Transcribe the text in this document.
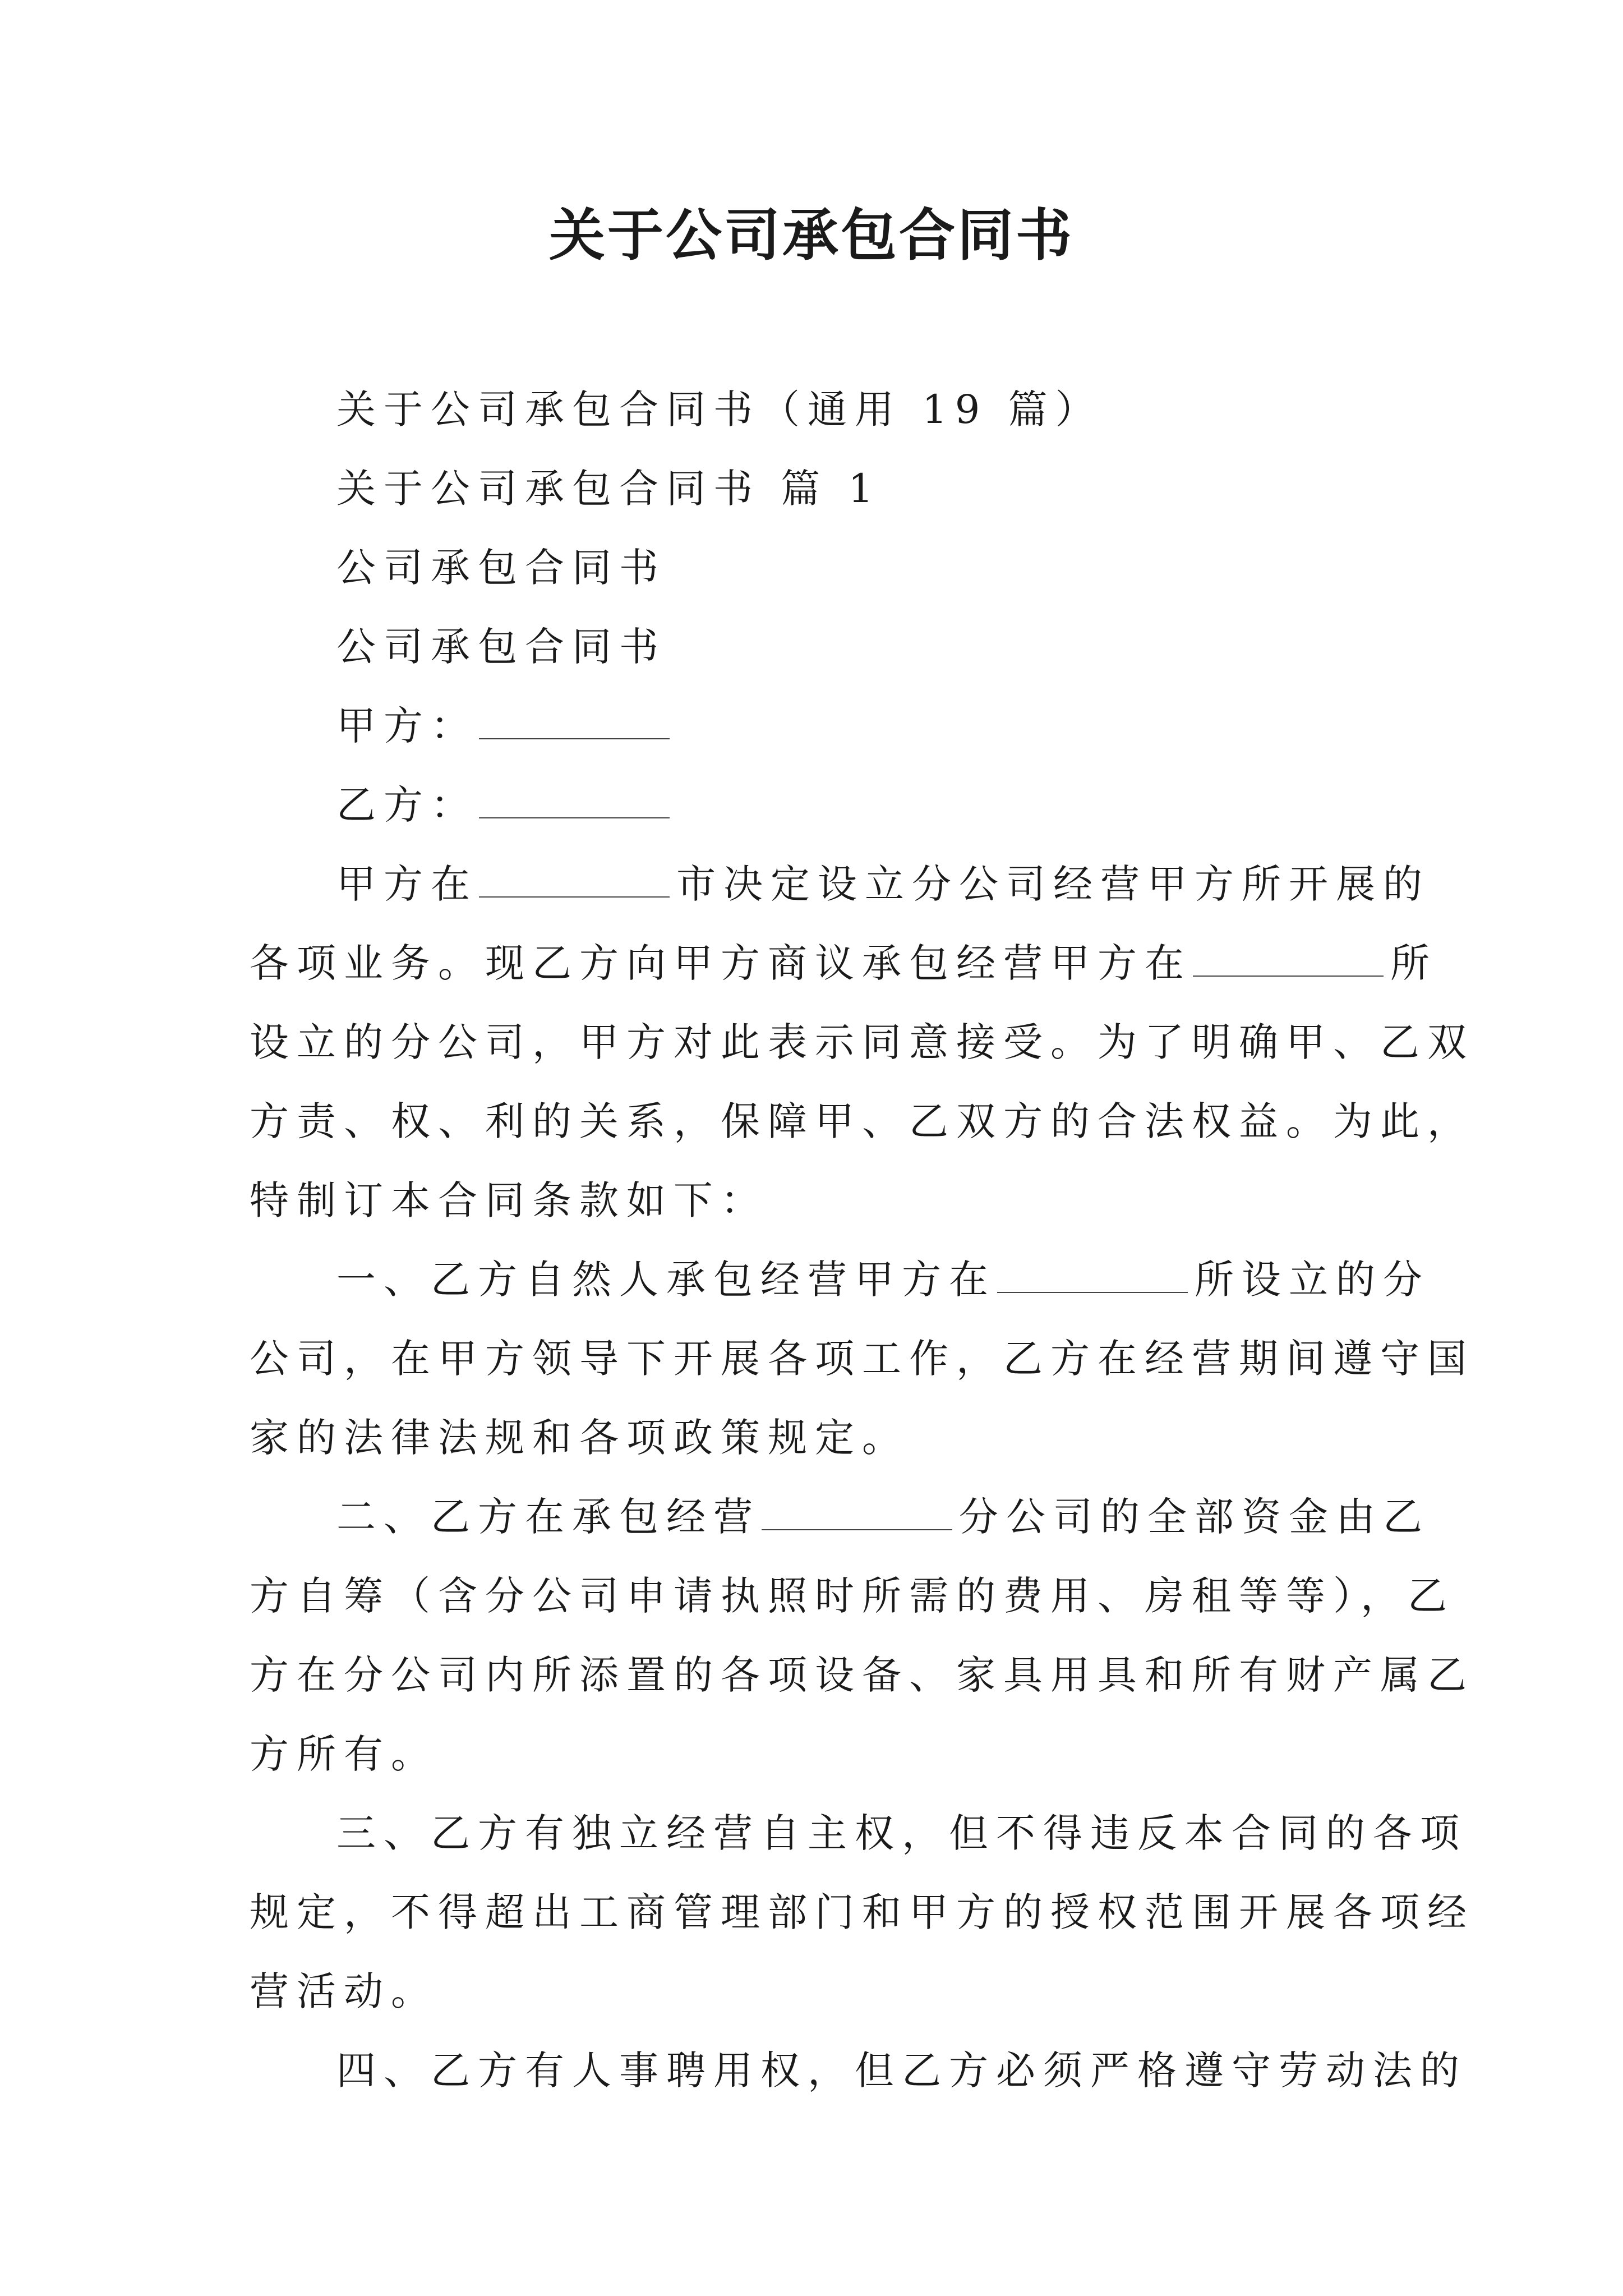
关于公司承包合同书

关于公司承包合同书（通用 19 篇）

关于公司承包合同书 篇 1

公司承包合同书

公司承包合同书

甲方：

乙方：

甲方在	市决定设立分公司经营甲方所开展的

各项业务。现乙方向甲方商议承包经营甲方在	所

设立的分公司，甲方对此表示同意接受。为了明确甲、乙双

方责、权、利的关系，保障甲、乙双方的合法权益。为此，

特制订本合同条款如下：

一、乙方自然人承包经营甲方在	所设立的分

公司，在甲方领导下开展各项工作，乙方在经营期间遵守国

家的法律法规和各项政策规定。

二、乙方在承包经营	分公司的全部资金由乙

方自筹（含分公司申请执照时所需的费用、房租等等），乙

方在分公司内所添置的各项设备、家具用具和所有财产属乙

方所有。

三、乙方有独立经营自主权，但不得违反本合同的各项

规定，不得超出工商管理部门和甲方的授权范围开展各项经

营活动。

四、乙方有人事聘用权，但乙方必须严格遵守劳动法的
